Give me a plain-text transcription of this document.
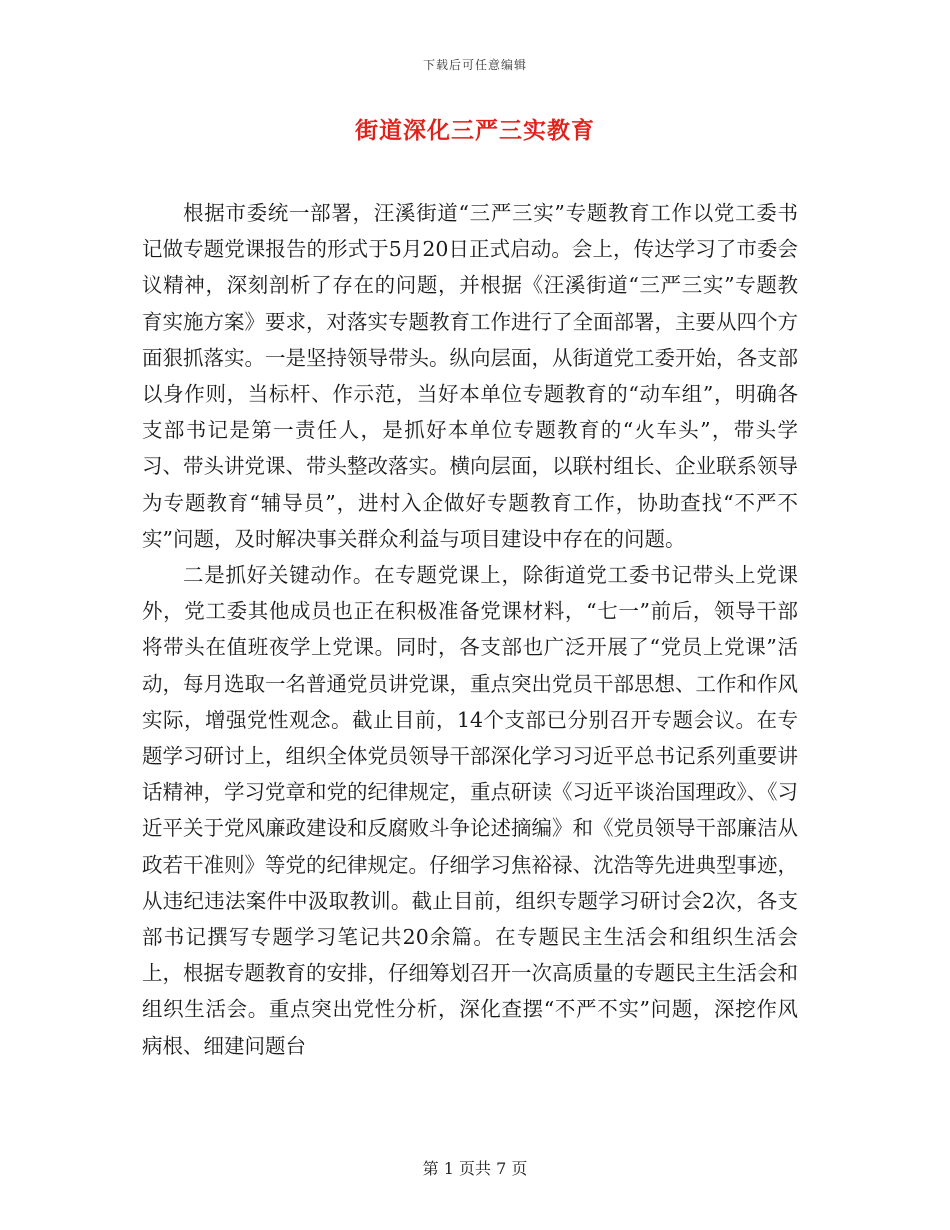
下载后可任意编辑
街道深化三严三实教育

根据市委统一部署，汪溪街道“三严三实”专题教育工作以党工委书记做专题党课报告的形式于5月20日正式启动。会上，传达学习了市委会议精神，深刻剖析了存在的问题，并根据《汪溪街道“三严三实”专题教育实施方案》要求，对落实专题教育工作进行了全面部署，主要从四个方面狠抓落实。一是坚持领导带头。纵向层面，从街道党工委开始，各支部以身作则，当标杆、作示范，当好本单位专题教育的“动车组”，明确各支部书记是第一责任人，是抓好本单位专题教育的“火车头”，带头学习、带头讲党课、带头整改落实。横向层面，以联村组长、企业联系领导为专题教育“辅导员”，进村入企做好专题教育工作，协助查找“不严不实”问题，及时解决事关群众利益与项目建设中存在的问题。

二是抓好关键动作。在专题党课上，除街道党工委书记带头上党课外，党工委其他成员也正在积极准备党课材料，“七一”前后，领导干部将带头在值班夜学上党课。同时，各支部也广泛开展了“党员上党课”活动，每月选取一名普通党员讲党课，重点突出党员干部思想、工作和作风实际，增强党性观念。截止目前，14个支部已分别召开专题会议。在专题学习研讨上，组织全体党员领导干部深化学习习近平总书记系列重要讲话精神，学习党章和党的纪律规定，重点研读《习近平谈治国理政》、《习近平关于党风廉政建设和反腐败斗争论述摘编》和《党员领导干部廉洁从政若干准则》等党的纪律规定。仔细学习焦裕禄、沈浩等先进典型事迹，从违纪违法案件中汲取教训。截止目前，组织专题学习研讨会2次，各支部书记撰写专题学习笔记共20余篇。在专题民主生活会和组织生活会上，根据专题教育的安排，仔细筹划召开一次高质量的专题民主生活会和组织生活会。重点突出党性分析，深化查摆“不严不实”问题，深挖作风病根、细建问题台

第 1 页共 7 页
